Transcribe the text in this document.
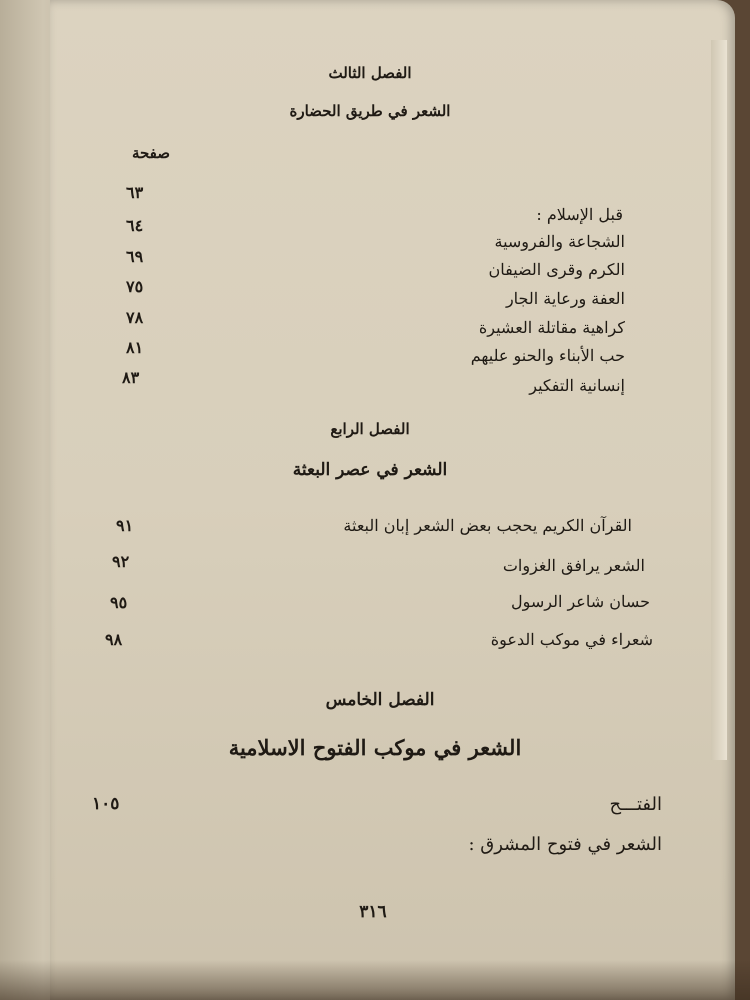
الفصل الثالث
الشعر في طريق الحضارة
صفحة
قبل الإسلام :
٦٣
الشجاعة والفروسية
٦٤
الكرم وقرى الضيفان
٦٩
العفة ورعاية الجار
٧٥
كراهية مقاتلة العشيرة
٧٨
حب الأبناء والحنو عليهم
٨١
إنسانية التفكير
٨٣
الفصل الرابع
الشعر في عصر البعثة
القرآن الكريم يحجب بعض الشعر إبان البعثة
٩١
الشعر يرافق الغزوات
٩٢
حسان شاعر الرسول
٩٥
شعراء في موكب الدعوة
٩٨
الفصل الخامس
الشعر في موكب الفتوح الاسلامية
الفتـــح
١٠٥
الشعر في فتوح المشرق :
٣١٦
